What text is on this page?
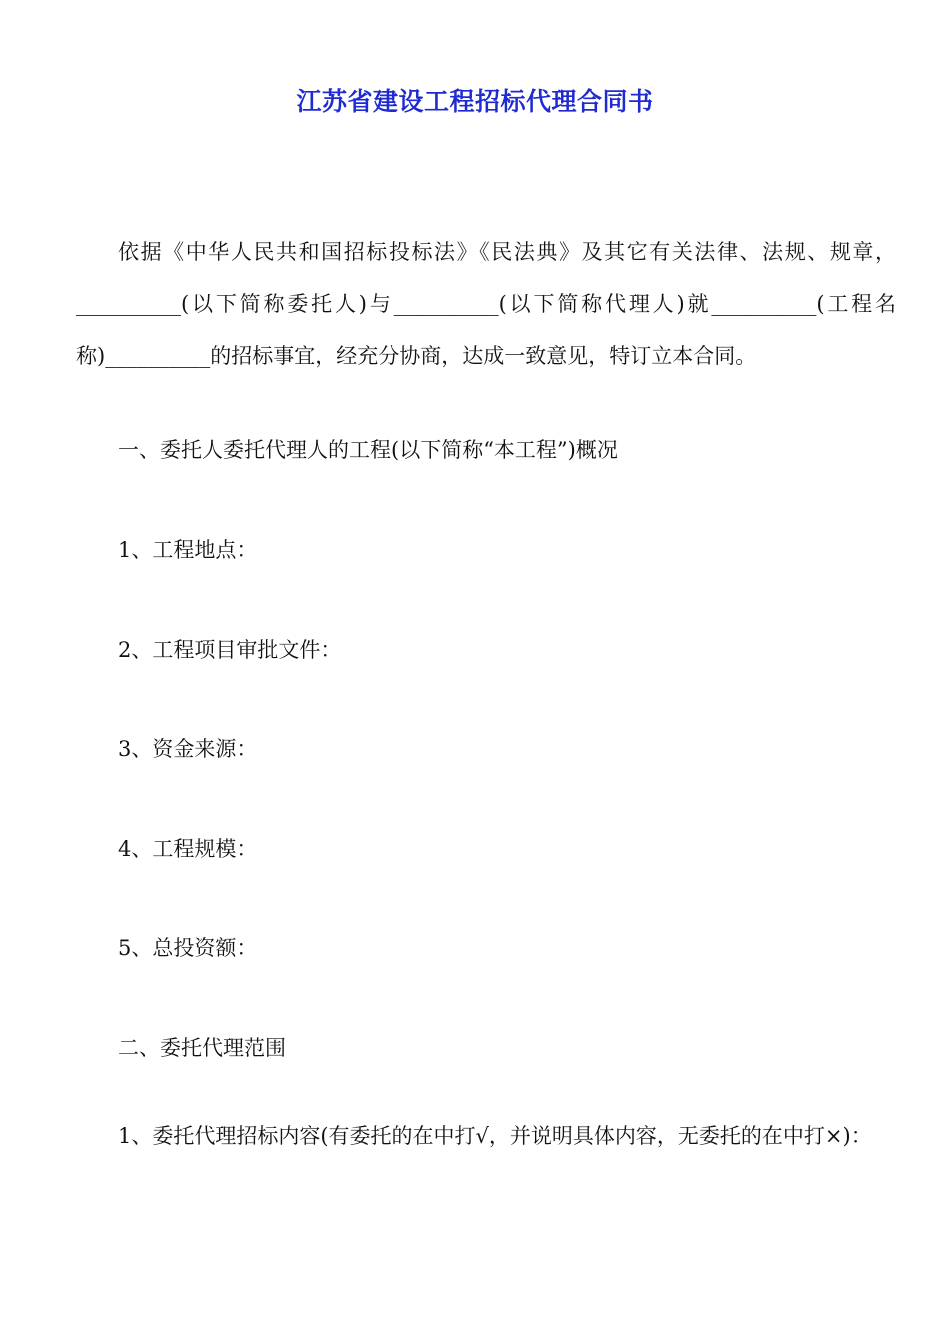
江苏省建设工程招标代理合同书

依据《中华人民共和国招标投标法》《民法典》及其它有关法律、法规、规章，__________(以下简称委托人)与__________(以下简称代理人)就__________(工程名称)__________的招标事宜，经充分协商，达成一致意见，特订立本合同。

一、委托人委托代理人的工程(以下简称“本工程”)概况

1、工程地点：

2、工程项目审批文件：

3、资金来源：

4、工程规模：

5、总投资额：

二、委托代理范围

1、委托代理招标内容(有委托的在中打√，并说明具体内容，无委托的在中打×)：
